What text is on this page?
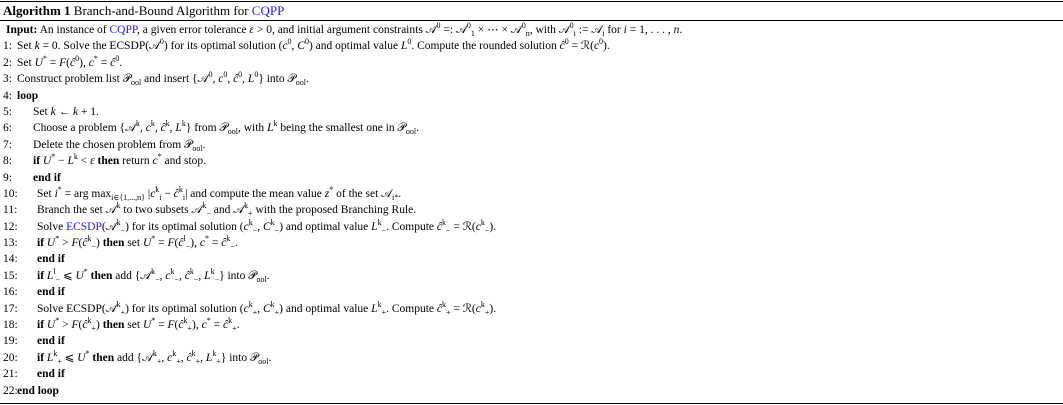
Algorithm 1 Branch-and-Bound Algorithm for CQPP
Input: An instance of CQPP, a given error tolerance ε > 0, and initial argument constraints 𝒜$^0$ =: 𝒜$^0_1$ × ⋯ × 𝒜$^0_n$, with 𝒜$^0_i$ := 𝒜$_i$ for i = 1, . . . , n.
1: Set k = 0. Solve the ECSDP(𝒜$^0$) for its optimal solution ($c^0$, $C^0$) and optimal value $L^0$. Compute the rounded solution $ĉ^0$ = $ℛ(c^0)$.
2: Set $U^* = F(ĉ^0)$, $c^* = ĉ^0$.
3: Construct problem list 𝒫$_{ool}$ and insert {𝒜$^0$, $c^0$, $ĉ^0$, $L^0$} into 𝒫$_{ool}$.
4: loop
5:	Set k ← k + 1.
6:	Choose a problem {𝒜$^k$, $c^k$, $ĉ^k$, $L^k$} from 𝒫$_{ool}$, with $L^k$ being the smallest one in 𝒫$_{ool}$.
7:	Delete the chosen problem from 𝒫$_{ool}$.
8:	if $U^* - L^k < \varepsilon$ then return c* and stop.
9:	end if
10:	Set i* = arg $\max_{i\in\{1,...,n\}} |c^k_i$ − $ĉ^k_i|$ and compute the mean value z* of the set 𝒜$_{i*}$.
11:	Branch the set 𝒜$^k$ to two subsets 𝒜$^k_-$ and 𝒜$^k_+$ with the proposed Branching Rule.
12:	Solve ECSDP(𝒜$^k_-$) for its optimal solution ($c^k_-$, $C^k_-$) and optimal value $L^k_-$. Compute $ĉ^k_-$ = $ℛ(c^k_-)$.
13:	if $U^* > F(ĉ^k_-)$ then set $U^* = F(ĉ^l_-)$, $c^* = ĉ^k_-$.
14:	end if
15:	if $L^l_-$ ⩽ U* then add {𝒜$^k_-$, $c^k_-$, $ĉ^k_-$, $L^k_-$} into 𝒫$_{ool}$.
16:	end if
17:	Solve ECSDP(𝒜$^k_+$) for its optimal solution ($c^k_+$, $C^k_+$) and optimal value $L^k_+$. Compute $ĉ^k_+$ = $ℛ(c^k_+)$.
18:	if $U^* > F(ĉ^k_+)$ then set $U^* = F(ĉ^k_+)$, $c^* = ĉ^k_+$.
19:	end if
20:	if $L^k_+$ ⩽ U* then add {𝒜$^k_+$, $c^k_+$, $ĉ^k_+$, $L^k_+$} into 𝒫$_{ool}$.
21:	end if
22: end loop
